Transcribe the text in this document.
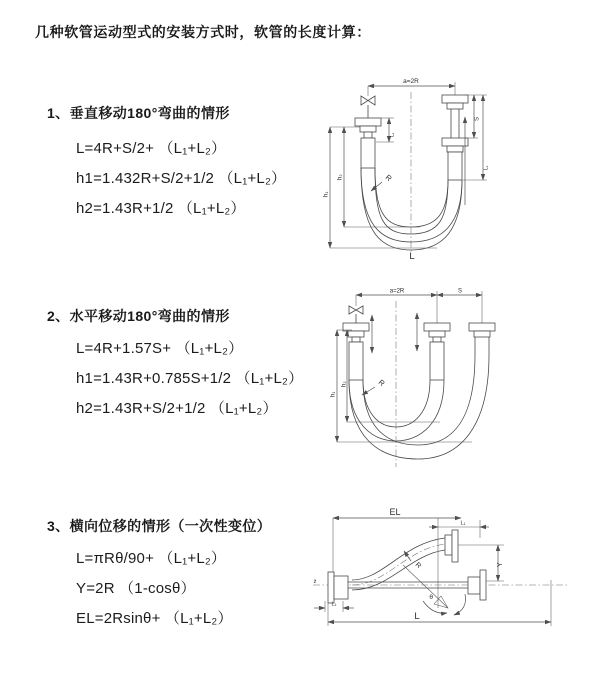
几种软管运动型式的安装方式时，软管的长度计算：
1、垂直移动180°弯曲的情形
L=4R+S/2+ （L₁+L₂）
h1=1.432R+S/2+1/2 （L₁+L₂）
h2=1.43R+1/2 （L₁+L₂）
2、水平移动180°弯曲的情形
L=4R+1.57S+ （L₁+L₂）
h1=1.43R+0.785S+1/2 （L₁+L₂）
h2=1.43R+S/2+1/2 （L₁+L₂）
3、横向位移的情形（一次性变位）
L=πRθ/90+ （L₁+L₂）
Y=2R （1-cosθ）
EL=2Rsinθ+ （L₁+L₂）
a=2R
h₁
h₂
L₁
S
L₁
R
L
a=2R	S
h₁
h₂	R
EL
L₁
z̄
Y
θ
R
L₁
L
